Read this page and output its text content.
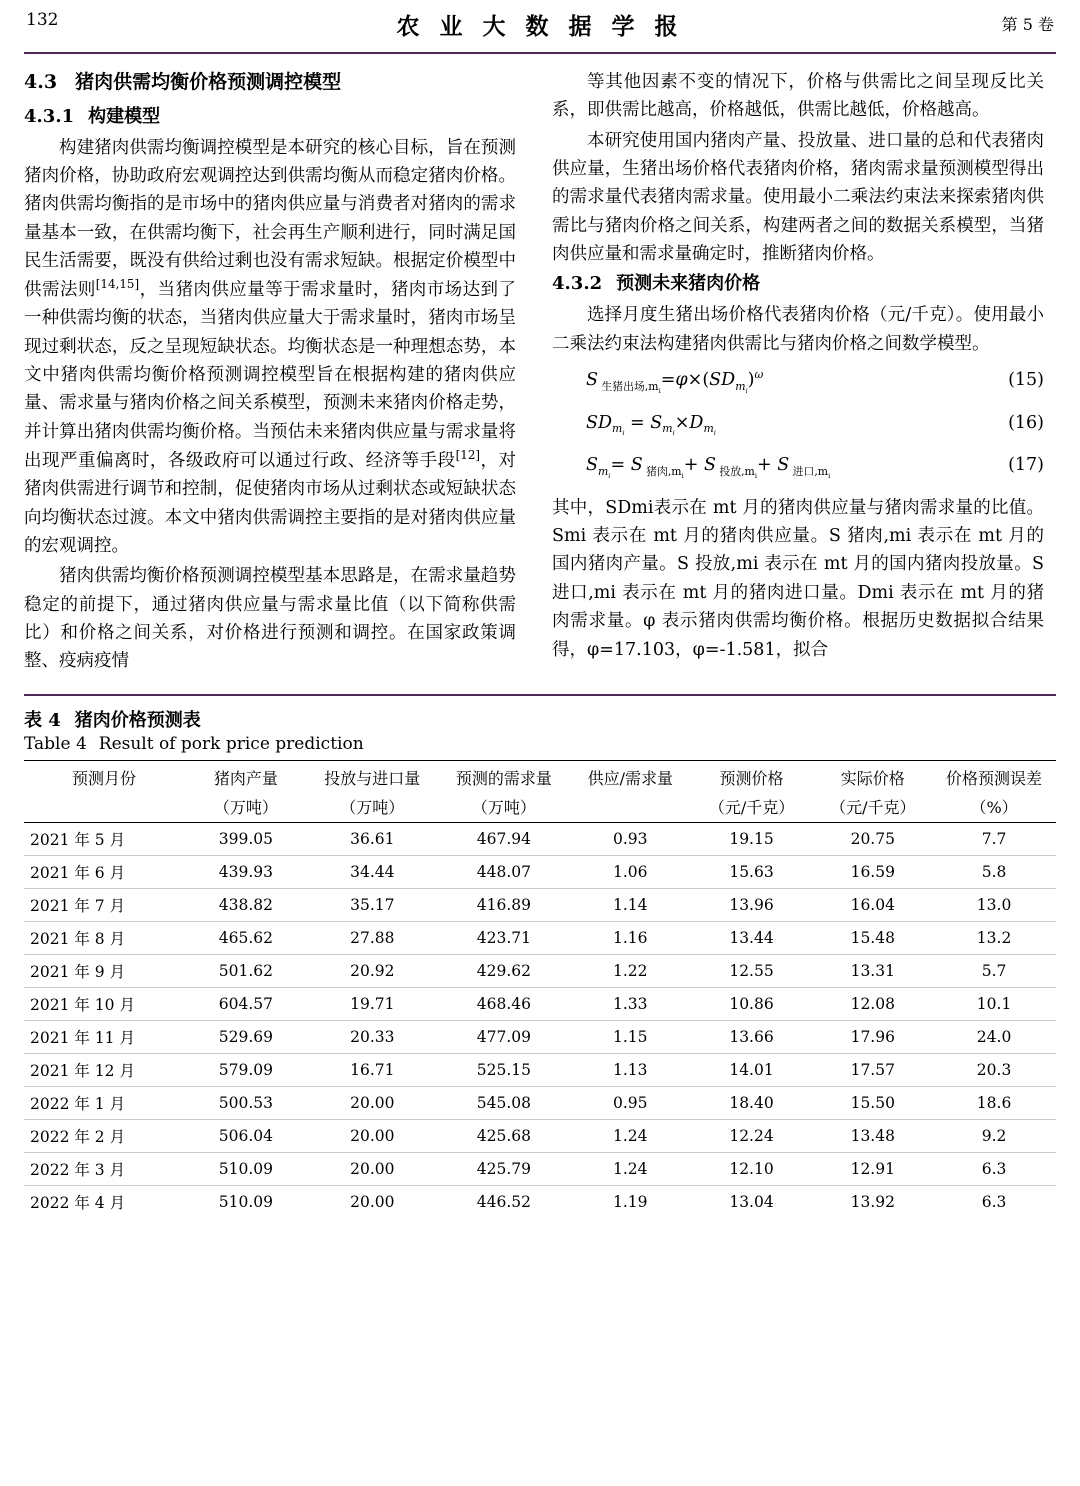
132	农 业 大 数 据 学 报	第 5 卷
4.3 猪肉供需均衡价格预测调控模型
4.3.1 构建模型

构建猪肉供需均衡调控模型是本研究的核心目标，旨在预测猪肉价格，协助政府宏观调控达到供需均衡从而稳定猪肉价格。猪肉供需均衡指的是市场中的猪肉供应量与消费者对猪肉的需求量基本一致，在供需均衡下，社会再生产顺利进行，同时满足国民生活需要，既没有供给过剩也没有需求短缺。根据定价模型中供需法则[14,15]，当猪肉供应量等于需求量时，猪肉市场达到了一种供需均衡的状态，当猪肉供应量大于需求量时，猪肉市场呈现过剩状态，反之呈现短缺状态。均衡状态是一种理想态势，本文中猪肉供需均衡价格预测调控模型旨在根据构建的猪肉供应量、需求量与猪肉价格之间关系模型，预测未来猪肉价格走势，并计算出猪肉供需均衡价格。当预估未来猪肉供应量与需求量将出现严重偏离时，各级政府可以通过行政、经济等手段[12]，对猪肉供需进行调节和控制，促使猪肉市场从过剩状态或短缺状态向均衡状态过渡。本文中猪肉供需调控主要指的是对猪肉供应量的宏观调控。

猪肉供需均衡价格预测调控模型基本思路是，在需求量趋势稳定的前提下，通过猪肉供应量与需求量比值（以下简称供需比）和价格之间关系，对价格进行预测和调控。在国家政策调整、疫病疫情

等其他因素不变的情况下，价格与供需比之间呈现反比关系，即供需比越高，价格越低，供需比越低，价格越高。

本研究使用国内猪肉产量、投放量、进口量的总和代表猪肉供应量，生猪出场价格代表猪肉价格，猪肉需求量预测模型得出的需求量代表猪肉需求量。使用最小二乘法约束法来探索猪肉供需比与猪肉价格之间关系，构建两者之间的数据关系模型，当猪肉供应量和需求量确定时，推断猪肉价格。

4.3.2 预测未来猪肉价格

选择月度生猪出场价格代表猪肉价格（元/千克）。使用最小二乘法约束法构建猪肉供需比与猪肉价格之间数学模型。

S $_{生猪出场,m_i}=\varphi\times(SD_{m_i})^\omega$	(15)
$SD_{m_i} = S_{m_i}\times D_{m_i}$
(16)
$S_{m_i}= S$ $_{猪肉,m_i}$+ S $_{投放,m_i}$+ S $_{进口,m_i}$
(17)

其中，SDmi表示在 mt 月的猪肉供应量与猪肉需求量的比值。Smi 表示在 mt 月的猪肉供应量。S 猪肉,mi 表示在 mt 月的国内猪肉产量。S 投放,mi 表示在 mt 月的国内猪肉投放量。S 进口,mi 表示在 mt 月的猪肉进口量。Dmi 表示在 mt 月的猪肉需求量。φ 表示猪肉供需均衡价格。根据历史数据拟合结果得，φ=17.103，φ=-1.581，拟合

表 4 猪肉价格预测表
Table 4 Result of pork price prediction
预测月份	猪肉产量	投放与进口量	预测的需求量	供应/需求量	预测价格	实际价格	价格预测误差
	（万吨）	（万吨）	（万吨）		（元/千克）	（元/千克）	（%）
2021 年 5 月	399.05	36.61	467.94	0.93	19.15	20.75	7.7
2021 年 6 月	439.93	34.44	448.07	1.06	15.63	16.59	5.8
2021 年 7 月	438.82	35.17	416.89	1.14	13.96	16.04	13.0
2021 年 8 月	465.62	27.88	423.71	1.16	13.44	15.48	13.2
2021 年 9 月	501.62	20.92	429.62	1.22	12.55	13.31	5.7
2021 年 10 月	604.57	19.71	468.46	1.33	10.86	12.08	10.1
2021 年 11 月	529.69	20.33	477.09	1.15	13.66	17.96	24.0
2021 年 12 月	579.09	16.71	525.15	1.13	14.01	17.57	20.3
2022 年 1 月	500.53	20.00	545.08	0.95	18.40	15.50	18.6
2022 年 2 月	506.04	20.00	425.68	1.24	12.24	13.48	9.2
2022 年 3 月	510.09	20.00	425.79	1.24	12.10	12.91	6.3
2022 年 4 月	510.09	20.00	446.52	1.19	13.04	13.92	6.3
